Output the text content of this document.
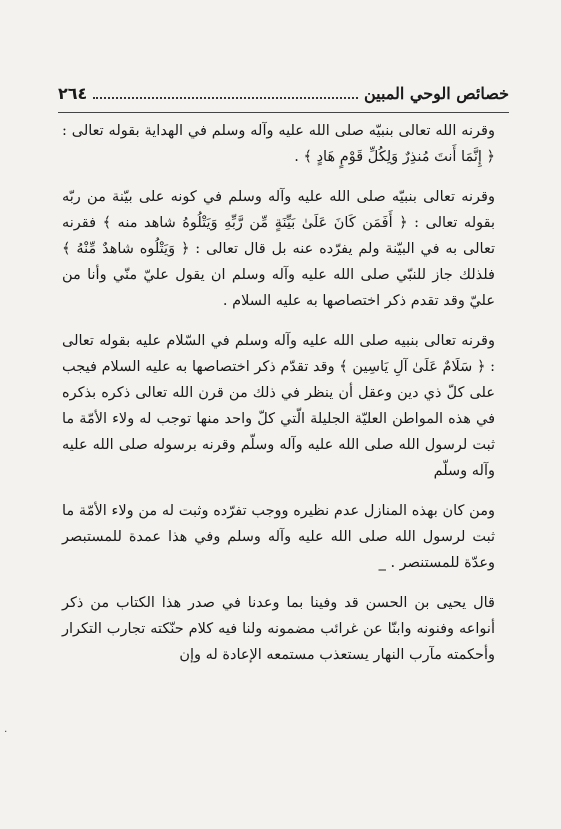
٢٦٤	خصائص الوحي المبين

وقرنه الله تعالى بنبيّه صلى الله عليه وآله وسلم في الهداية بقوله تعالى : ﴿ إِنَّمَا أَنتَ مُنذِرٌ وَلِكُلِّ قَوْمٍ هَادٍ ﴾ .

وقرنه تعالى بنبيّه صلى الله عليه وآله وسلم في كونه على بيّنة من ربّه بقوله تعالى : ﴿ أَفَمَن كَانَ عَلَىٰ بَيِّنَةٍ مِّن رَّبِّهِ وَيَتْلُوهُ شاهد منه ﴾ فقرنه تعالى به في البيّنة ولم يفرّده عنه بل قال تعالى : ﴿ وَيَتْلُوه شاهدٌ مِّنْهُ ﴾ فلذلك جاز للنبّي صلى الله عليه وآله وسلم ان يقول عليّ منّي وأنا من عليّ وقد تقدم ذكر اختصاصها به عليه السلام .

وقرنه تعالى بنبيه صلى الله عليه وآله وسلم في السّلام عليه بقوله تعالى : ﴿ سَلَامٌ عَلَىٰ آلِ يَاسِين ﴾ وقد تقدّم ذكر اختصاصها به عليه السلام فيجب على كلّ ذي دين وعقل أن ينظر في ذلك من قرن الله تعالى ذكره بذكره في هذه المواطن العليّة الجليلة الّتي كلّ واحد منها توجب له ولاء الأمّة ما ثبت لرسول الله صلى الله عليه وآله وسلّم وقرنه برسوله صلى الله عليه وآله وسلّم

ومن كان بهذه المنازل عدم نظيره ووجب تفرّده وثبت له من ولاء الأمّة ما ثبت لرسول الله صلى الله عليه وآله وسلم وفي هذا عمدة للمستبصر وعدّة للمستنصر . _

قال يحيى بن الحسن قد وفينا بما وعدنا في صدر هذا الكتاب من ذكر أنواعه وفنونه وابنّا عن غرائب مضمونه ولنا فيه كلام حنّكته تجارب التكرار وأحكمته مآرب النهار يستعذب مستمعه الإعادة له وإن

۰
